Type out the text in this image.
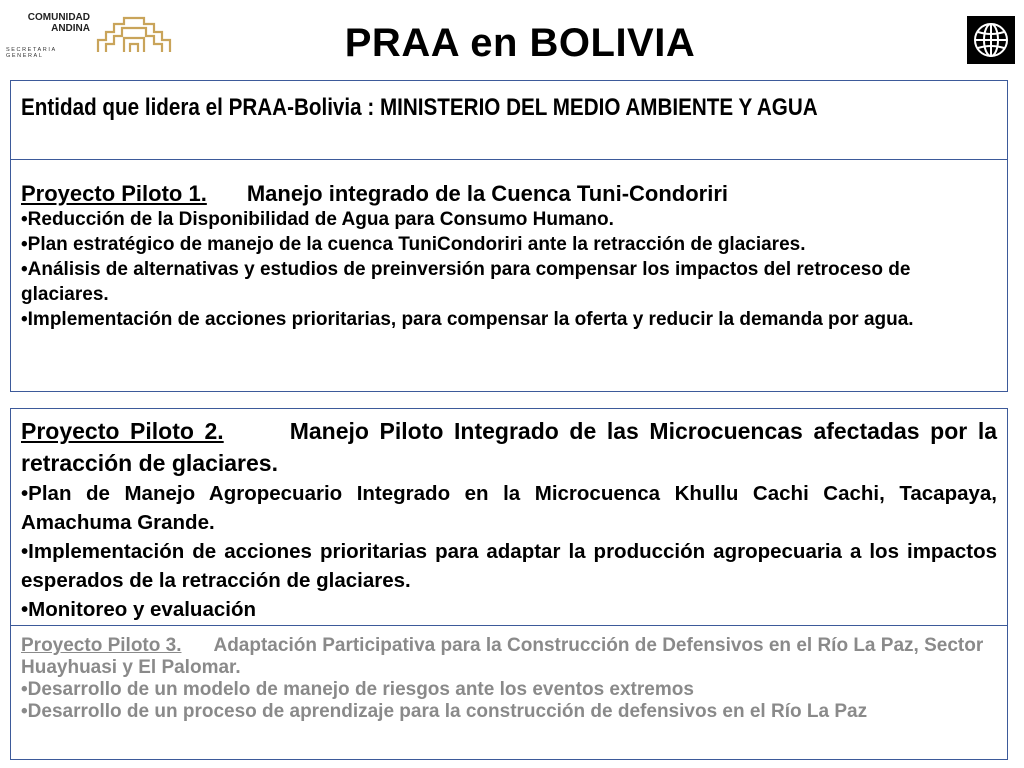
COMUNIDAD
ANDINA
SECRETARIA GENERAL	PRAA en BOLIVIA
Entidad que lidera el PRAA-Bolivia : MINISTERIO DEL MEDIO AMBIENTE Y AGUA
Proyecto Piloto 1. Manejo integrado de la Cuenca Tuni-Condoriri
•Reducción de la Disponibilidad de Agua para Consumo Humano.
•Plan estratégico de manejo de la cuenca TuniCondoriri ante la retracción de glaciares.
•Análisis de alternativas y estudios de preinversión para compensar los impactos del retroceso de glaciares.
•Implementación de acciones prioritarias, para compensar la oferta y reducir la demanda por agua.
Proyecto Piloto 2.	Manejo Piloto Integrado de las Microcuencas afectadas por la retracción de glaciares.
•Plan de Manejo Agropecuario Integrado en la Microcuenca Khullu Cachi Cachi, Tacapaya, Amachuma Grande.
•Implementación de acciones prioritarias para adaptar la producción agropecuaria a los impactos esperados de la retracción de glaciares.
•Monitoreo y evaluación
Proyecto Piloto 3. Adaptación Participativa para la Construcción de Defensivos en el Río La Paz, Sector Huayhuasi y El Palomar.
•Desarrollo de un modelo de manejo de riesgos ante los eventos extremos
•Desarrollo de un proceso de aprendizaje para la construcción de defensivos en el Río La Paz
